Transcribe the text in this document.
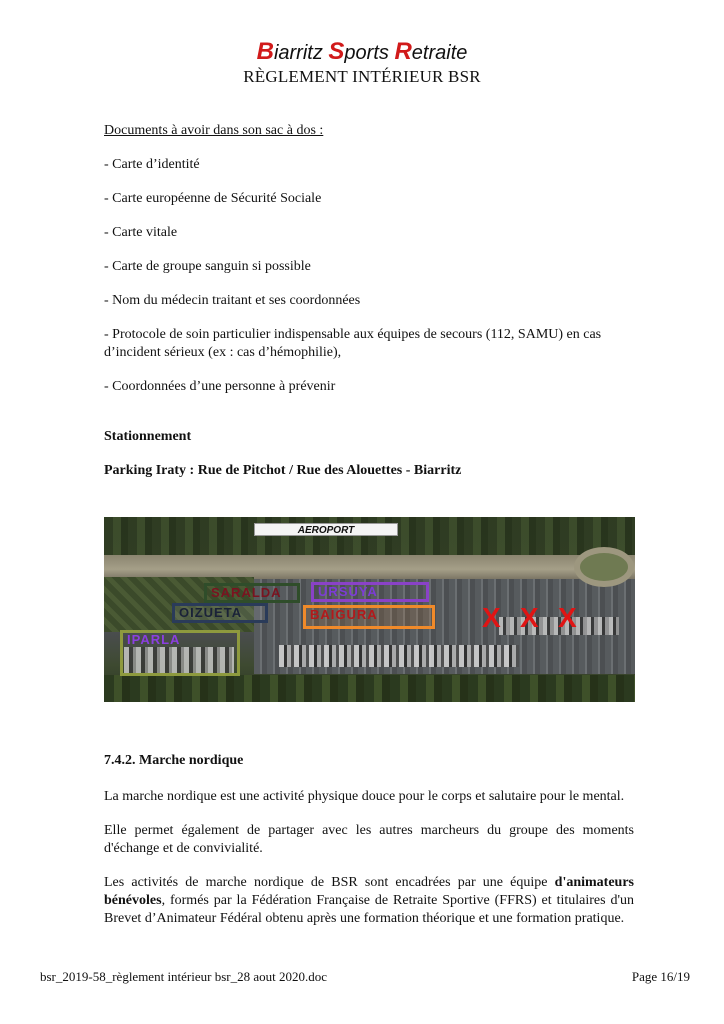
Biarritz Sports Retraite
RÈGLEMENT INTÉRIEUR BSR
Documents à avoir dans son sac à dos :
- Carte d’identité
- Carte européenne de Sécurité Sociale
- Carte vitale
- Carte de groupe sanguin si possible
- Nom du médecin traitant et ses coordonnées
- Protocole de soin particulier indispensable aux équipes de secours (112, SAMU) en cas d’incident sérieux (ex : cas d’hémophilie),
- Coordonnées d’une personne à prévenir
Stationnement
Parking Iraty : Rue de Pitchot / Rue des Alouettes - Biarritz
AEROPORT
SARALDA
OIZUETA
URSUYA
BAIGURA
IPARLA
X X X
7.4.2. Marche nordique
La marche nordique est une activité physique douce pour le corps et salutaire pour le mental.
Elle permet également de partager avec les autres marcheurs du groupe des moments d'échange et de convivialité.
Les activités de marche nordique de BSR sont encadrées par une équipe d'animateurs bénévoles, formés par la Fédération Française de Retraite Sportive (FFRS) et titulaires d'un Brevet d’Animateur Fédéral obtenu après une formation théorique et une formation pratique.
bsr_2019-58_règlement intérieur bsr_28 aout 2020.doc	Page 16/19
